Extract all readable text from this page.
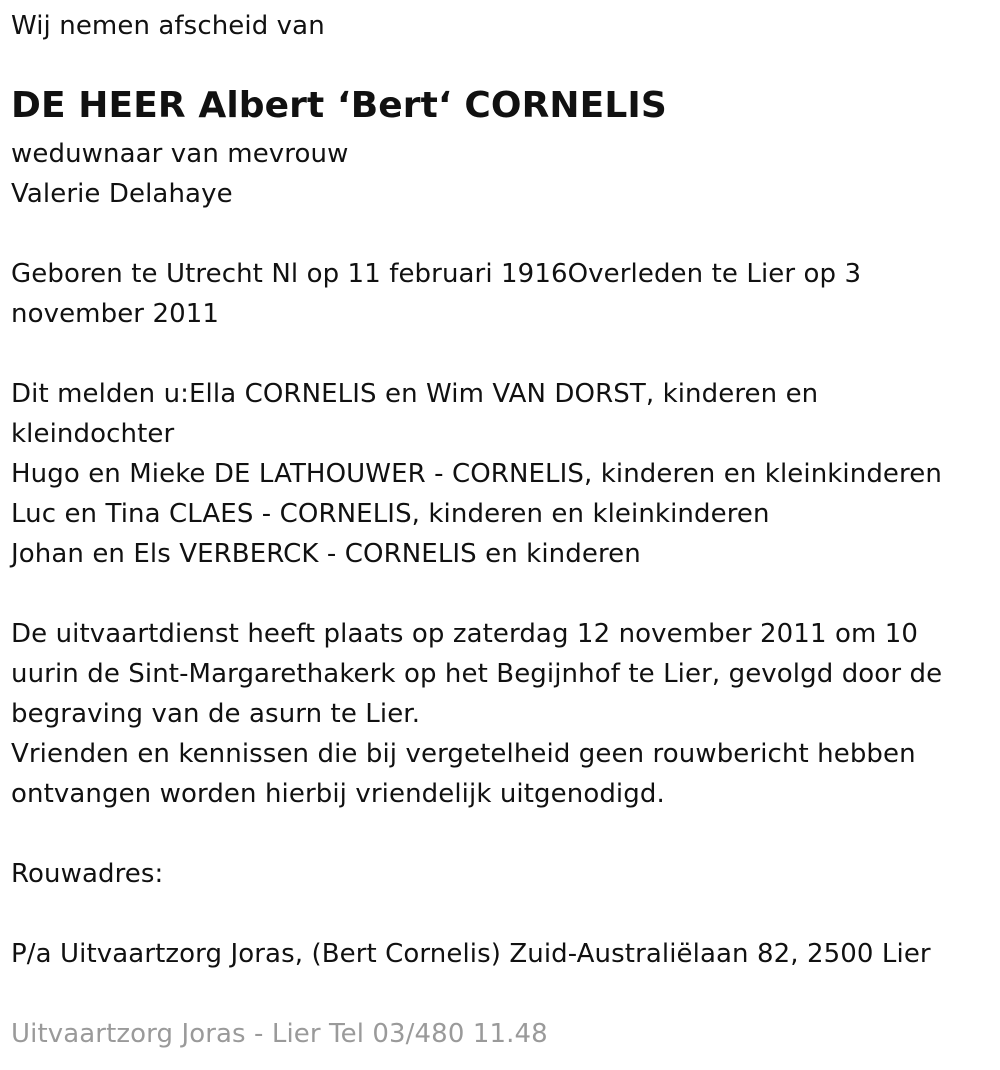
Wij nemen afscheid van
DE HEER Albert ‘Bert‘ CORNELIS
weduwnaar van mevrouw
Valerie Delahaye
Geboren te Utrecht Nl op 11 februari 1916Overleden te Lier op 3
november 2011
Dit melden u:Ella CORNELIS en Wim VAN DORST, kinderen en
kleindochter
Hugo en Mieke DE LATHOUWER - CORNELIS, kinderen en kleinkinderen
Luc en Tina CLAES - CORNELIS, kinderen en kleinkinderen
Johan en Els VERBERCK - CORNELIS en kinderen
De uitvaartdienst heeft plaats op zaterdag 12 november 2011 om 10
uurin de Sint-Margarethakerk op het Begijnhof te Lier, gevolgd door de
begraving van de asurn te Lier.
Vrienden en kennissen die bij vergetelheid geen rouwbericht hebben
ontvangen worden hierbij vriendelijk uitgenodigd.
Rouwadres:
P/a Uitvaartzorg Joras, (Bert Cornelis) Zuid-Australiëlaan 82, 2500 Lier
Uitvaartzorg Joras - Lier Tel 03/480 11.48
